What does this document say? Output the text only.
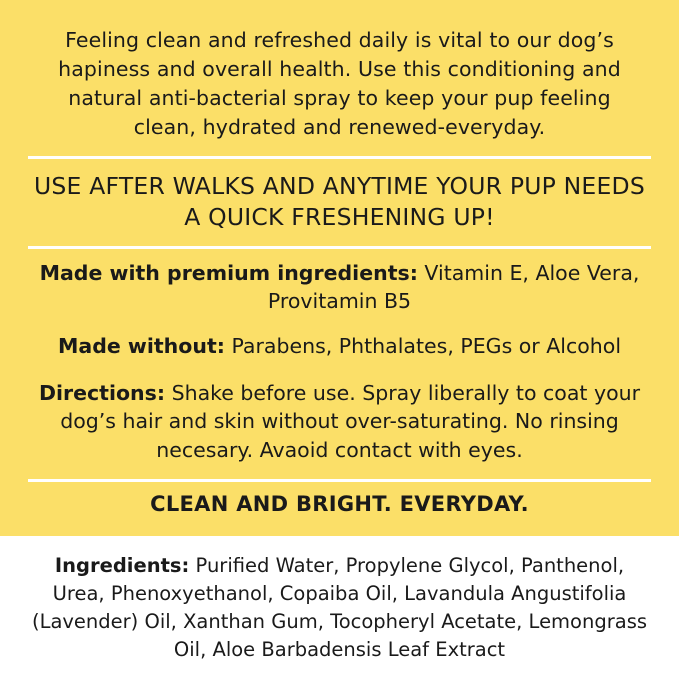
Feeling clean and refreshed daily is vital to our dog’s hapiness and overall health. Use this conditioning and natural anti-bacterial spray to keep your pup feeling clean, hydrated and renewed-everyday.

USE AFTER WALKS AND ANYTIME YOUR PUP NEEDS A QUICK FRESHENING UP!

Made with premium ingredients: Vitamin E, Aloe Vera, Provitamin B5

Made without: Parabens, Phthalates, PEGs or Alcohol

Directions: Shake before use. Spray liberally to coat your dog’s hair and skin without over-saturating. No rinsing necesary. Avaoid contact with eyes.

CLEAN AND BRIGHT. EVERYDAY.

Ingredients: Purified Water, Propylene Glycol, Panthenol, Urea, Phenoxyethanol, Copaiba Oil, Lavandula Angustifolia (Lavender) Oil, Xanthan Gum, Tocopheryl Acetate, Lemongrass Oil, Aloe Barbadensis Leaf Extract
